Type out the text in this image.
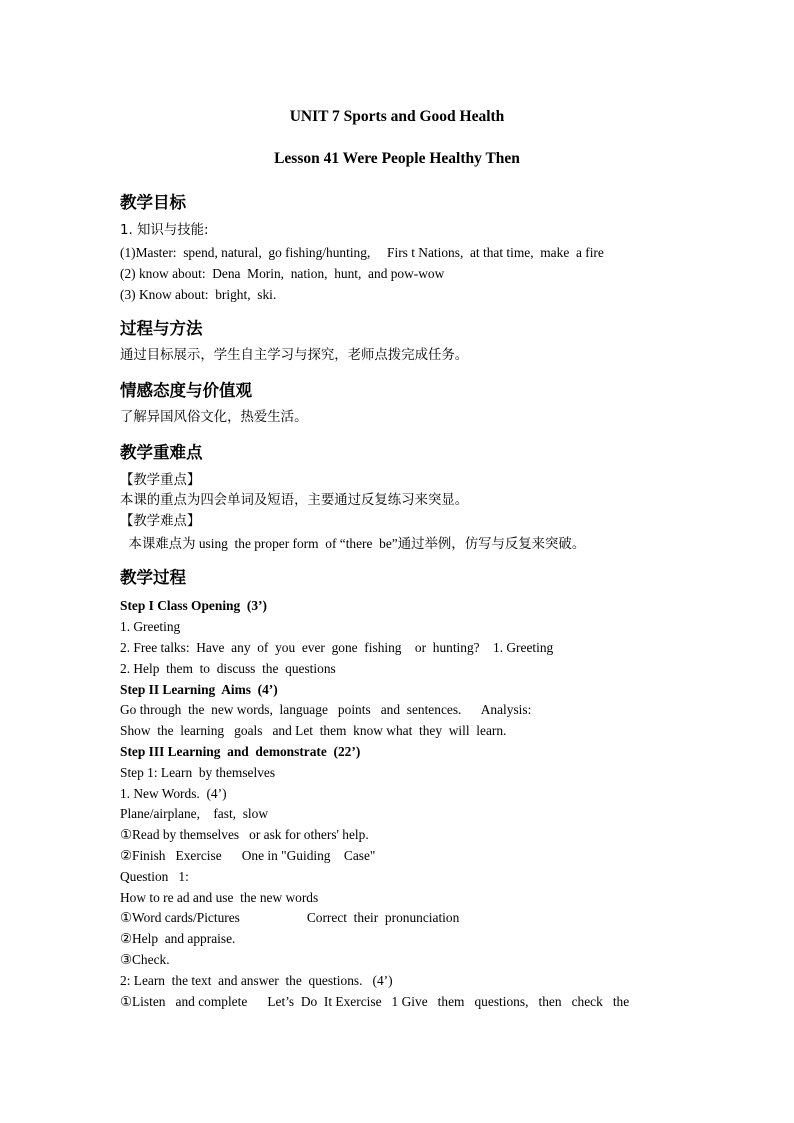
UNIT 7 Sports and Good Health
Lesson 41 Were People Healthy Then
教学目标
1. 知识与技能:
(1)Master:  spend, natural,  go fishing/hunting,     Firs t Nations,  at that time,  make  a fire
(2) know about:  Dena  Morin,  nation,  hunt,  and pow-wow
(3) Know about:  bright,  ski.
过程与方法
通过目标展示，学生自主学习与探究，老师点拨完成任务。
情感态度与价值观
了解异国风俗文化，热爱生活。
教学重难点
【教学重点】
本课的重点为四会单词及短语，主要通过反复练习来突显。
【教学难点】
本课难点为 using  the proper form  of “there  be”通过举例，仿写与反复来突破。
教学过程
Step I Class Opening  (3’)
1. Greeting
2. Free talks:  Have  any  of  you  ever  gone  fishing    or  hunting?    1. Greeting
2. Help  them  to  discuss  the  questions
Step II Learning  Aims  (4’)
Go through  the  new words,  language   points   and  sentences.      Analysis:
Show  the  learning   goals   and Let  them  know what  they  will  learn.
Step III Learning  and  demonstrate  (22’)
Step 1: Learn  by themselves
1. New Words.  (4’)
Plane/airplane,    fast,  slow
①Read by themselves   or ask for others' help.
②Finish   Exercise      One in "Guiding    Case"
Question   1:
How to re ad and use  the new words
①Word cards/Pictures                    Correct  their  pronunciation
②Help  and appraise.
③Check.
2: Learn  the text  and answer  the  questions.   (4’)
①Listen   and complete      Let’s  Do  It Exercise   1 Give   them   questions,   then   check   the
